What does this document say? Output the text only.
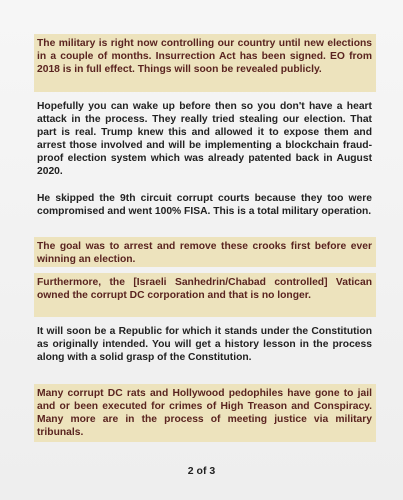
The military is right now controlling our country until new elections in a couple of months. Insurrection Act has been signed. EO from 2018 is in full effect. Things will soon be revealed publicly.
Hopefully you can wake up before then so you don't have a heart attack in the process. They really tried stealing our election. That part is real. Trump knew this and allowed it to expose them and arrest those involved and will be implementing a blockchain fraud-proof election system which was already patented back in August 2020.
He skipped the 9th circuit corrupt courts because they too were compromised and went 100% FISA. This is a total military operation.
The goal was to arrest and remove these crooks first before ever winning an election.
Furthermore, the [Israeli Sanhedrin/Chabad controlled] Vatican owned the corrupt DC corporation and that is no longer.
It will soon be a Republic for which it stands under the Constitution as originally intended. You will get a history lesson in the process along with a solid grasp of the Constitution.
Many corrupt DC rats and Hollywood pedophiles have gone to jail and or been executed for crimes of High Treason and Conspiracy. Many more are in the process of meeting justice via military tribunals.
2 of 3
